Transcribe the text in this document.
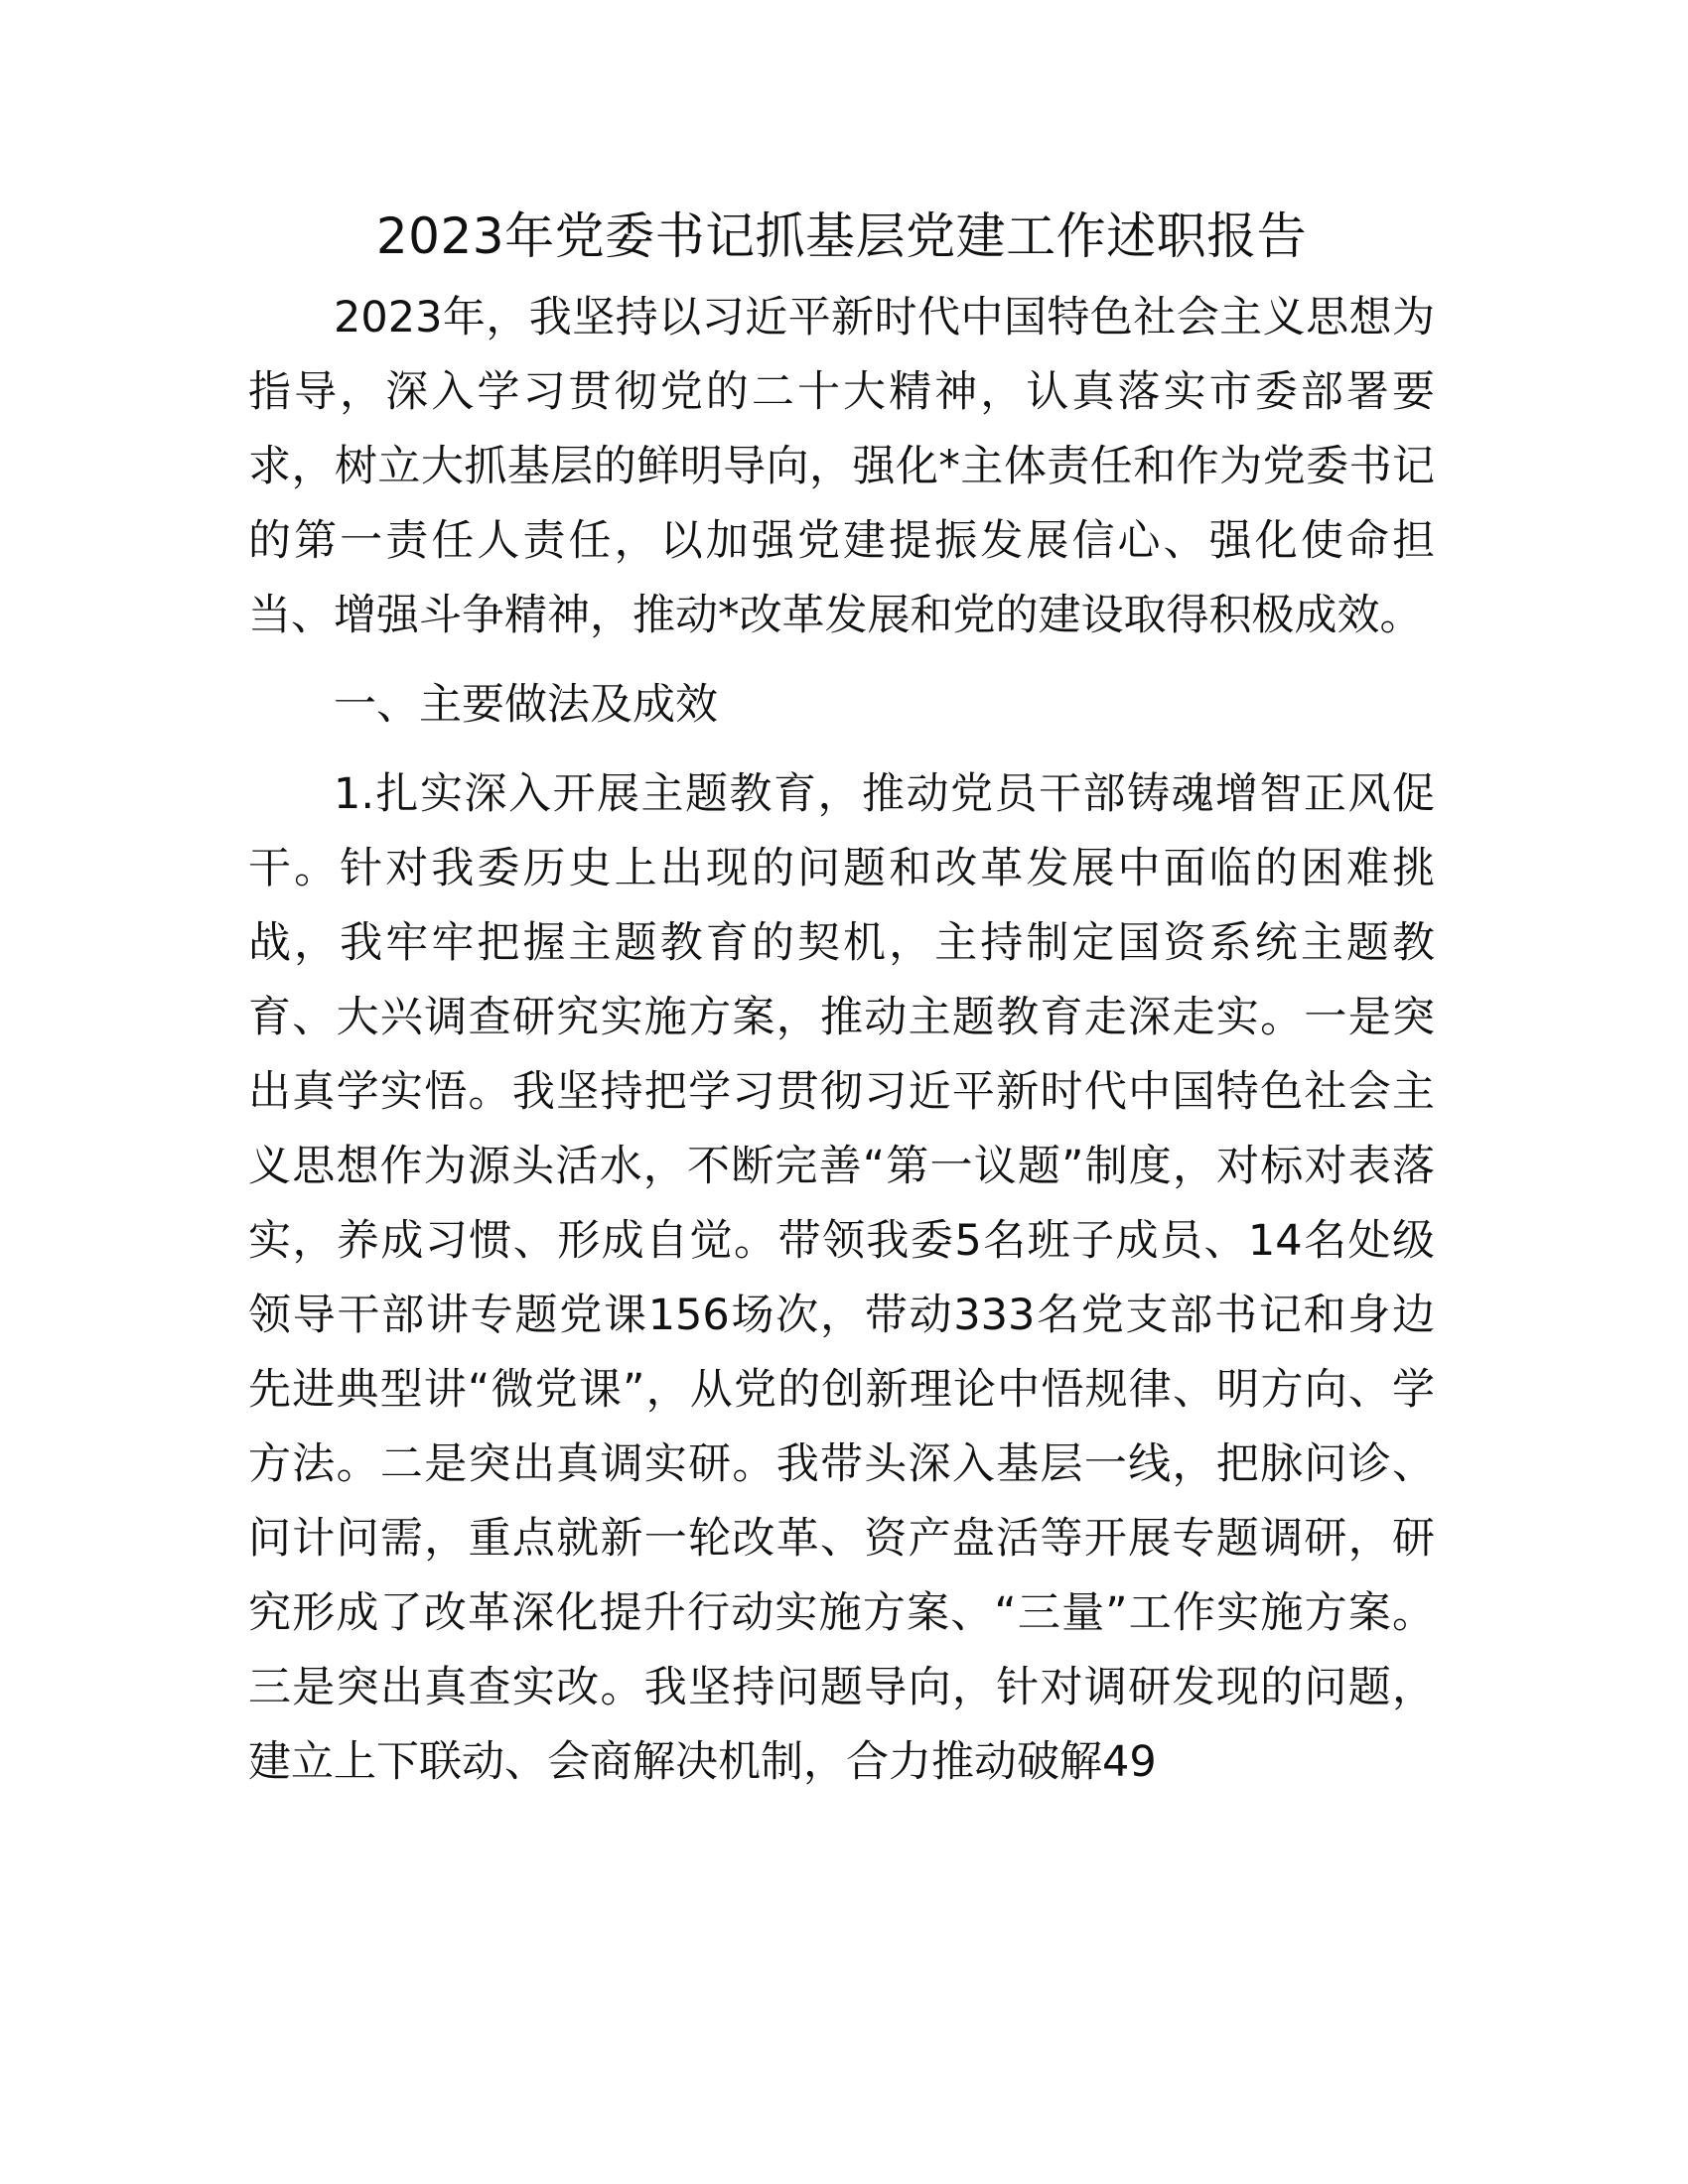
2023年党委书记抓基层党建工作述职报告

2023年，我坚持以习近平新时代中国特色社会主义思想为指导，深入学习贯彻党的二十大精神，认真落实市委部署要求，树立大抓基层的鲜明导向，强化*主体责任和作为党委书记的第一责任人责任，以加强党建提振发展信心、强化使命担当、增强斗争精神，推动*改革发展和党的建设取得积极成效。

一、主要做法及成效

1.扎实深入开展主题教育，推动党员干部铸魂增智正风促干。针对我委历史上出现的问题和改革发展中面临的困难挑战，我牢牢把握主题教育的契机，主持制定国资系统主题教育、大兴调查研究实施方案，推动主题教育走深走实。一是突出真学实悟。我坚持把学习贯彻习近平新时代中国特色社会主义思想作为源头活水，不断完善“第一议题”制度，对标对表落实，养成习惯、形成自觉。带领我委5名班子成员、14名处级领导干部讲专题党课156场次，带动333名党支部书记和身边先进典型讲“微党课”，从党的创新理论中悟规律、明方向、学方法。二是突出真调实研。我带头深入基层一线，把脉问诊、问计问需，重点就新一轮改革、资产盘活等开展专题调研，研究形成了改革深化提升行动实施方案、“三量”工作实施方案。三是突出真查实改。我坚持问题导向，针对调研发现的问题，建立上下联动、会商解决机制，合力推动破解49
